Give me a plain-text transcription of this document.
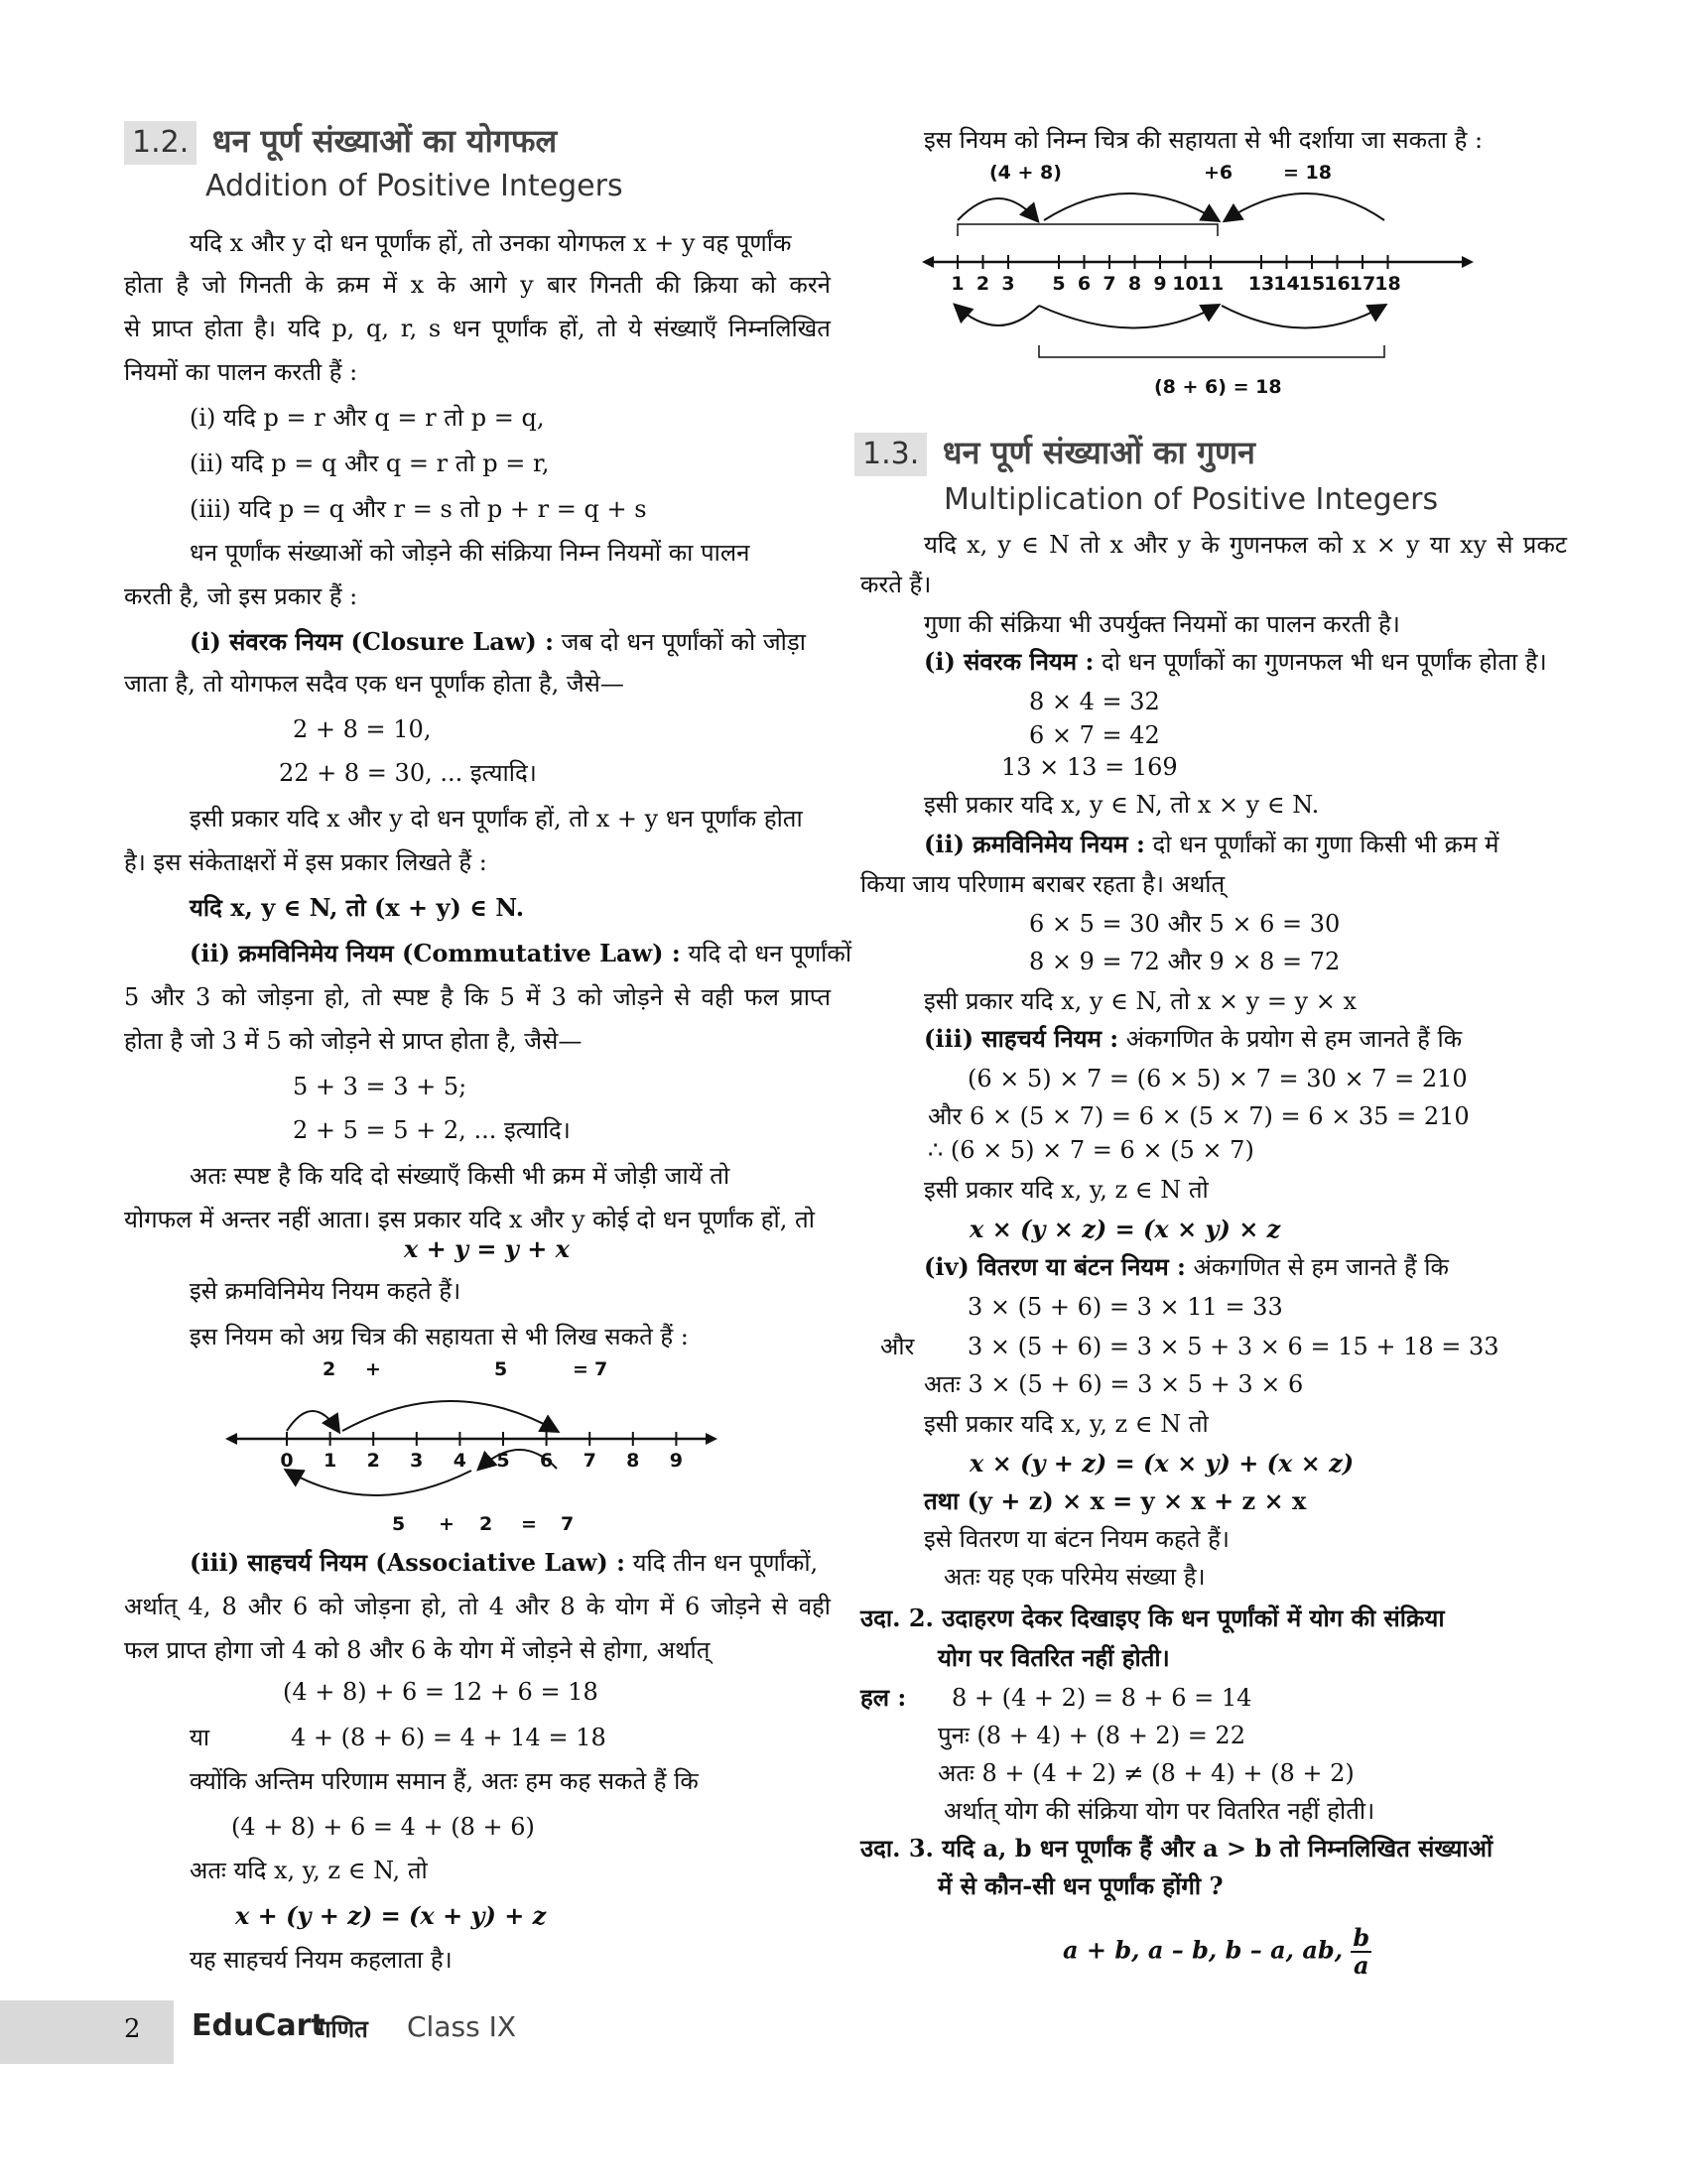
1.2. धन पूर्ण संख्याओं का योगफल
Addition of Positive Integers
यदि x और y दो धन पूर्णांक हों, तो उनका योगफल x + y वह पूर्णांक
होता है जो गिनती के क्रम में x के आगे y बार गिनती की क्रिया को करने
से प्राप्त होता है। यदि p, q, r, s धन पूर्णांक हों, तो ये संख्याएँ निम्नलिखित
नियमों का पालन करती हैं :
(i) यदि p = r और q = r तो p = q,
(ii) यदि p = q और q = r तो p = r,
(iii) यदि p = q और r = s तो p + r = q + s
धन पूर्णांक संख्याओं को जोड़ने की संक्रिया निम्न नियमों का पालन
करती है, जो इस प्रकार हैं :
(i) संवरक नियम (Closure Law) : जब दो धन पूर्णांकों को जोड़ा
जाता है, तो योगफल सदैव एक धन पूर्णांक होता है, जैसे—
2 + 8 = 10,
22 + 8 = 30, ... इत्यादि।
इसी प्रकार यदि x और y दो धन पूर्णांक हों, तो x + y धन पूर्णांक होता
है। इस संकेताक्षरों में इस प्रकार लिखते हैं :
यदि x, y ∈ N, तो (x + y) ∈ N.
(ii) क्रमविनिमेय नियम (Commutative Law) : यदि दो धन पूर्णांकों
5 और 3 को जोड़ना हो, तो स्पष्ट है कि 5 में 3 को जोड़ने से वही फल प्राप्त
होता है जो 3 में 5 को जोड़ने से प्राप्त होता है, जैसे—
5 + 3 = 3 + 5;
2 + 5 = 5 + 2, ... इत्यादि।
अतः स्पष्ट है कि यदि दो संख्याएँ किसी भी क्रम में जोड़ी जायें तो
योगफल में अन्तर नहीं आता। इस प्रकार यदि x और y कोई दो धन पूर्णांक हों, तो
x + y = y + x
इसे क्रमविनिमेय नियम कहते हैं।
इस नियम को अग्र चित्र की सहायता से भी लिख सकते हैं :
2 +	5	= 7
0 1 2 3 4 5 6 7 8 9
5 + 2 = 7
(iii) साहचर्य नियम (Associative Law) : यदि तीन धन पूर्णांकों,
अर्थात् 4, 8 और 6 को जोड़ना हो, तो 4 और 8 के योग में 6 जोड़ने से वही
फल प्राप्त होगा जो 4 को 8 और 6 के योग में जोड़ने से होगा, अर्थात्
(4 + 8) + 6 = 12 + 6 = 18
या	4 + (8 + 6) = 4 + 14 = 18
क्योंकि अन्तिम परिणाम समान हैं, अतः हम कह सकते हैं कि
(4 + 8) + 6 = 4 + (8 + 6)
अतः यदि x, y, z ∈ N, तो
x + (y + z) = (x + y) + z
यह साहचर्य नियम कहलाता है।
इस नियम को निम्न चित्र की सहायता से भी दर्शाया जा सकता है :
(4 + 8)	+6	= 18
1 2 3 5 6 7 8 9 10 11 13 14 15 16 17 18
(8 + 6) = 18
1.3. धन पूर्ण संख्याओं का गुणन
Multiplication of Positive Integers
यदि x, y ∈ N तो x और y के गुणनफल को x × y या xy से प्रकट
करते हैं।
गुणा की संक्रिया भी उपर्युक्त नियमों का पालन करती है।
(i) संवरक नियम : दो धन पूर्णांकों का गुणनफल भी धन पूर्णांक होता है।
8 × 4 = 32
6 × 7 = 42
13 × 13 = 169
इसी प्रकार यदि x, y ∈ N, तो x × y ∈ N.
(ii) क्रमविनिमेय नियम : दो धन पूर्णांकों का गुणा किसी भी क्रम में
किया जाय परिणाम बराबर रहता है। अर्थात्
6 × 5 = 30 और 5 × 6 = 30
8 × 9 = 72 और 9 × 8 = 72
इसी प्रकार यदि x, y ∈ N, तो x × y = y × x
(iii) साहचर्य नियम : अंकगणित के प्रयोग से हम जानते हैं कि
(6 × 5) × 7 = (6 × 5) × 7 = 30 × 7 = 210
और 6 × (5 × 7) = 6 × (5 × 7) = 6 × 35 = 210
∴ (6 × 5) × 7 = 6 × (5 × 7)
इसी प्रकार यदि x, y, z ∈ N तो
x × (y × z) = (x × y) × z
(iv) वितरण या बंटन नियम : अंकगणित से हम जानते हैं कि
3 × (5 + 6) = 3 × 11 = 33
और	3 × (5 + 6) = 3 × 5 + 3 × 6 = 15 + 18 = 33
अतः 3 × (5 + 6) = 3 × 5 + 3 × 6
इसी प्रकार यदि x, y, z ∈ N तो
x × (y + z) = (x × y) + (x × z)
तथा (y + z) × x = y × x + z × x
इसे वितरण या बंटन नियम कहते हैं।
अतः यह एक परिमेय संख्या है।
उदा. 2. उदाहरण देकर दिखाइए कि धन पूर्णांकों में योग की संक्रिया
योग पर वितरित नहीं होती।
हल :	8 + (4 + 2) = 8 + 6 = 14
पुनः (8 + 4) + (8 + 2) = 22
अतः 8 + (4 + 2) ≠ (8 + 4) + (8 + 2)
अर्थात् योग की संक्रिया योग पर वितरित नहीं होती।
उदा. 3. यदि a, b धन पूर्णांक हैं और a > b तो निम्नलिखित संख्याओं
में से कौन-सी धन पूर्णांक होंगी ?
a + b, a – b, b – a, ab, $\frac{b}{a}$
2 EduCart
गणित Class IX
